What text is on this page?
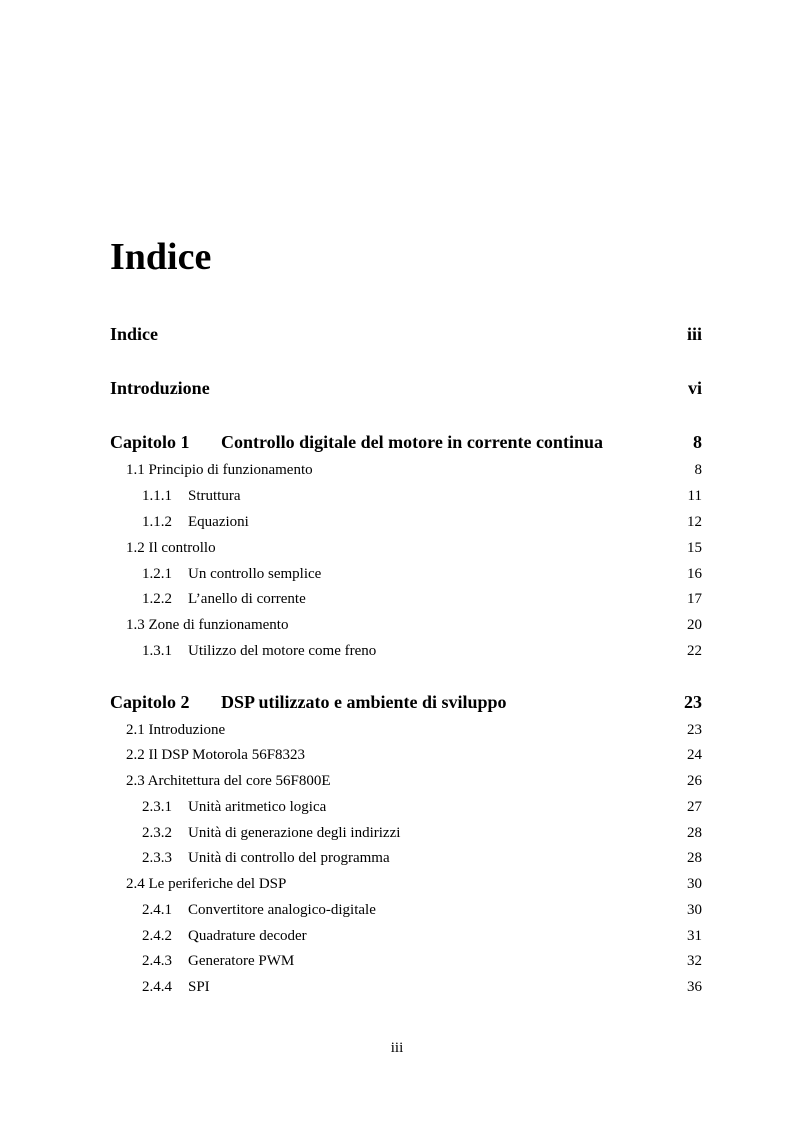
Indice
Indice	iii
Introduzione	vi
Capitolo 1 Controllo digitale del motore in corrente continua	8
1.1 Principio di funzionamento	8
1.1.1 Struttura	11
1.1.2 Equazioni	12
1.2 Il controllo	15
1.2.1 Un controllo semplice	16
1.2.2 L’anello di corrente	17
1.3 Zone di funzionamento	20
1.3.1 Utilizzo del motore come freno	22
Capitolo 2 DSP utilizzato e ambiente di sviluppo	23
2.1 Introduzione	23
2.2 Il DSP Motorola 56F8323	24
2.3 Architettura del core 56F800E	26
2.3.1 Unità aritmetico logica	27
2.3.2 Unità di generazione degli indirizzi	28
2.3.3 Unità di controllo del programma	28
2.4 Le periferiche del DSP	30
2.4.1 Convertitore analogico-digitale	30
2.4.2 Quadrature decoder	31
2.4.3 Generatore PWM	32
2.4.4 SPI	36
iii
